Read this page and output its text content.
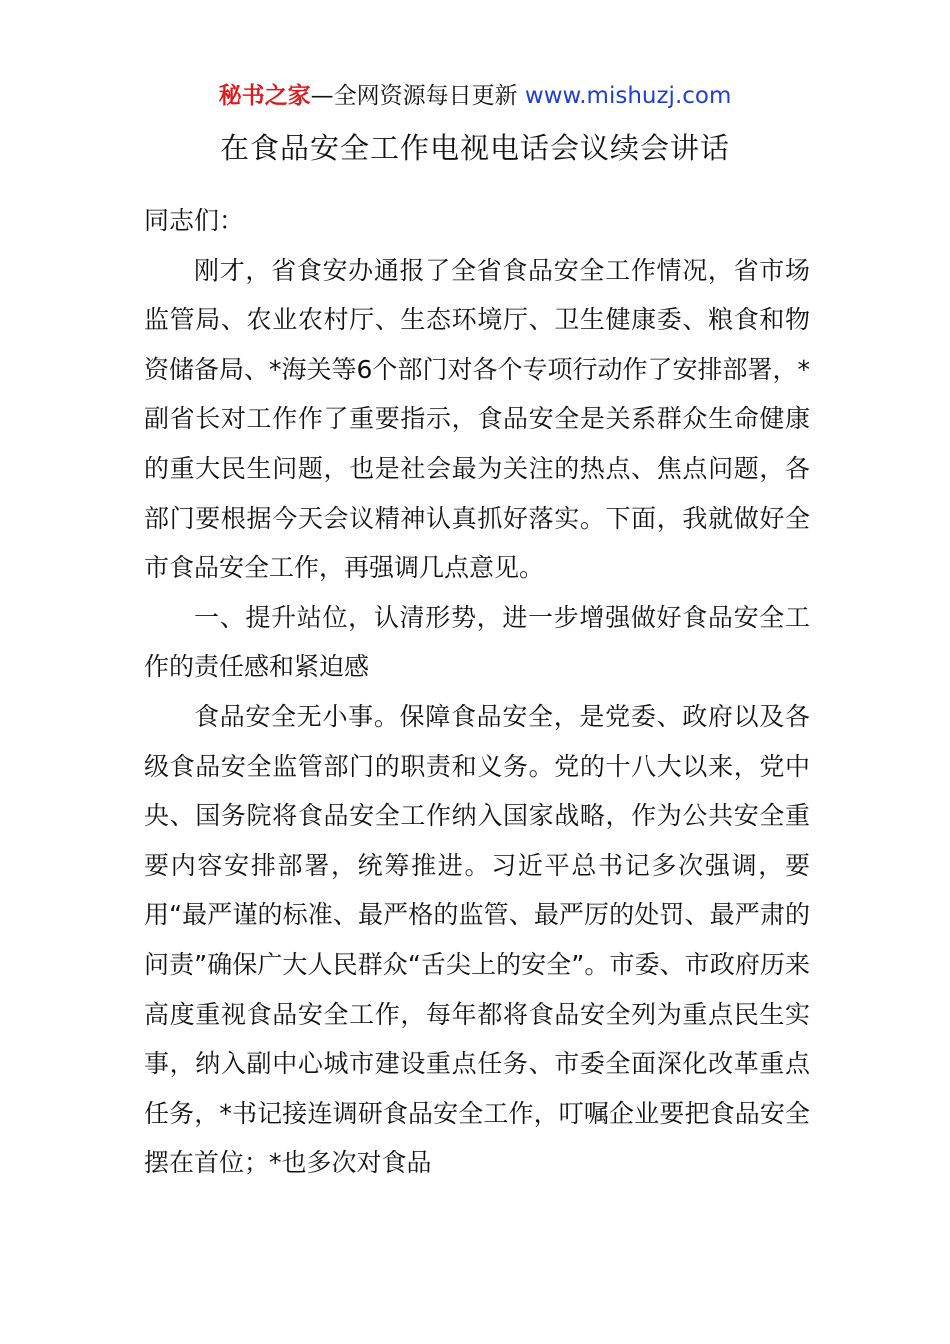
秘书之家—全网资源每日更新 www.mishuzj.com
在食品安全工作电视电话会议续会讲话

同志们：

刚才，省食安办通报了全省食品安全工作情况，省市场监管局、农业农村厅、生态环境厅、卫生健康委、粮食和物资储备局、*海关等6个部门对各个专项行动作了安排部署，*副省长对工作作了重要指示，食品安全是关系群众生命健康的重大民生问题，也是社会最为关注的热点、焦点问题，各部门要根据今天会议精神认真抓好落实。下面，我就做好全市食品安全工作，再强调几点意见。

一、提升站位，认清形势，进一步增强做好食品安全工作的责任感和紧迫感

食品安全无小事。保障食品安全，是党委、政府以及各级食品安全监管部门的职责和义务。党的十八大以来，党中央、国务院将食品安全工作纳入国家战略，作为公共安全重要内容安排部署，统筹推进。习近平总书记多次强调，要用“最严谨的标准、最严格的监管、最严厉的处罚、最严肃的问责”确保广大人民群众“舌尖上的安全”。市委、市政府历来高度重视食品安全工作，每年都将食品安全列为重点民生实事，纳入副中心城市建设重点任务、市委全面深化改革重点任务，*书记接连调研食品安全工作，叮嘱企业要把食品安全摆在首位；*也多次对食品
